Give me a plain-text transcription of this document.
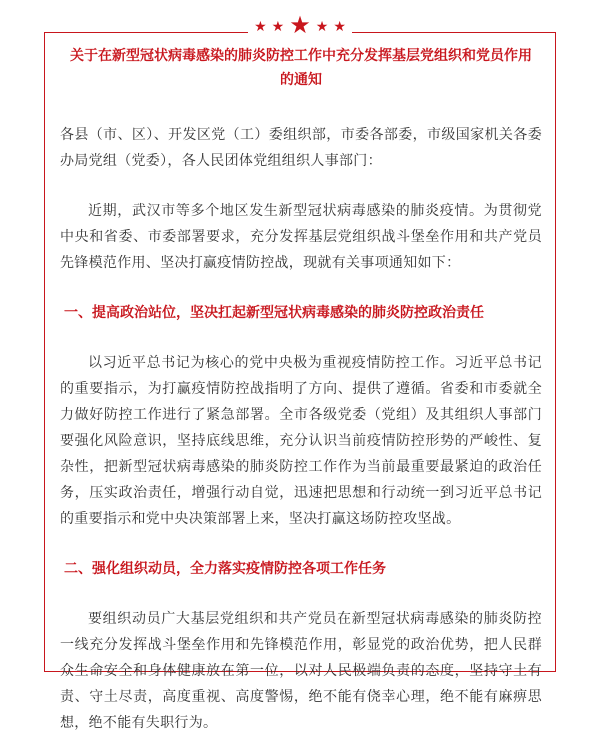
★ ★ ★ ★ ★
关于在新型冠状病毒感染的肺炎防控工作中充分发挥基层党组织和党员作用的通知

各县（市、区）、开发区党（工）委组织部，市委各部委，市级国家机关各委办局党组（党委），各人民团体党组组织人事部门：

近期，武汉市等多个地区发生新型冠状病毒感染的肺炎疫情。为贯彻党中央和省委、市委部署要求，充分发挥基层党组织战斗堡垒作用和共产党员先锋模范作用、坚决打赢疫情防控战，现就有关事项通知如下：

一、提高政治站位，坚决扛起新型冠状病毒感染的肺炎防控政治责任

以习近平总书记为核心的党中央极为重视疫情防控工作。习近平总书记的重要指示，为打赢疫情防控战指明了方向、提供了遵循。省委和市委就全力做好防控工作进行了紧急部署。全市各级党委（党组）及其组织人事部门要强化风险意识，坚持底线思维，充分认识当前疫情防控形势的严峻性、复杂性，把新型冠状病毒感染的肺炎防控工作作为当前最重要最紧迫的政治任务，压实政治责任，增强行动自觉，迅速把思想和行动统一到习近平总书记的重要指示和党中央决策部署上来，坚决打赢这场防控攻坚战。

二、强化组织动员，全力落实疫情防控各项工作任务

要组织动员广大基层党组织和共产党员在新型冠状病毒感染的肺炎防控一线充分发挥战斗堡垒作用和先锋模范作用，彰显党的政治优势，把人民群众生命安全和身体健康放在第一位，以对人民极端负责的态度，坚持守土有责、守土尽责，高度重视、高度警惕，绝不能有侥幸心理，绝不能有麻痹思想，绝不能有失职行为。
